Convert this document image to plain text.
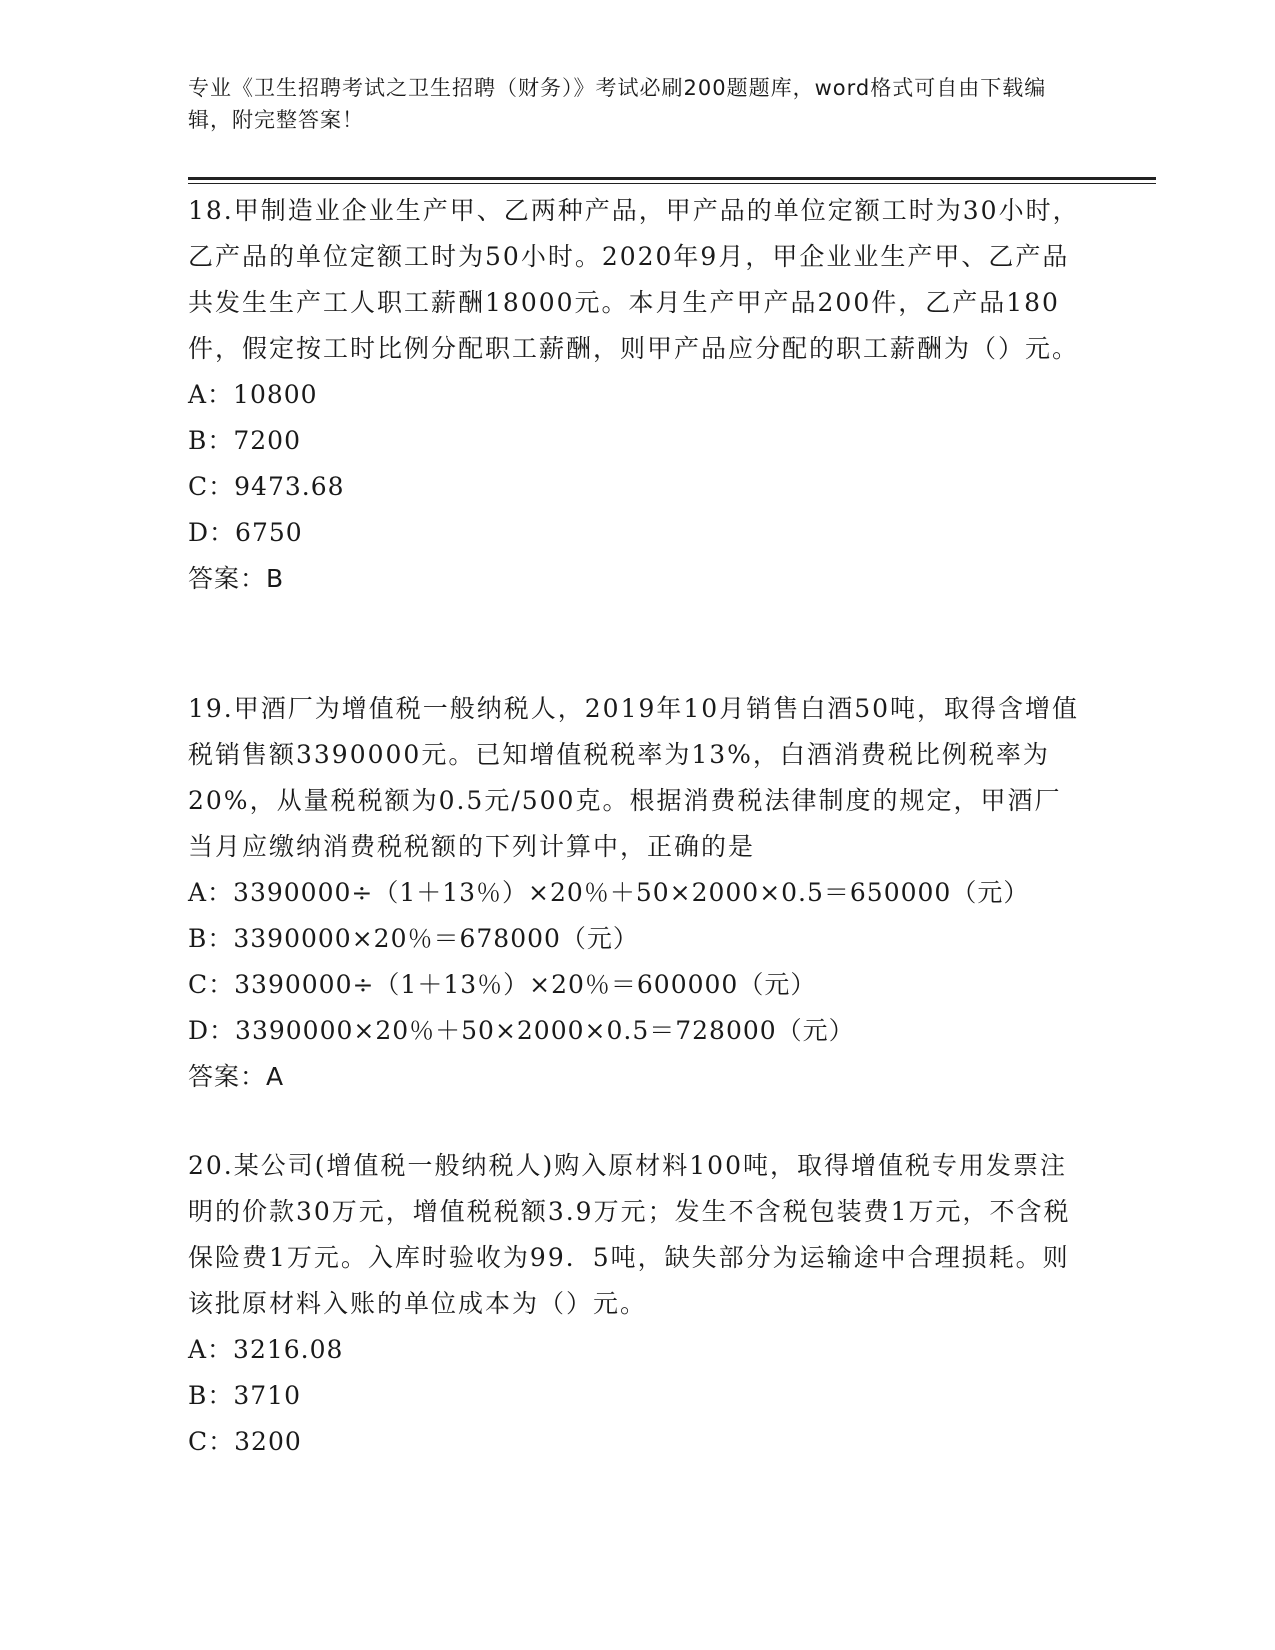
专业《卫生招聘考试之卫生招聘（财务）》考试必刷200题题库，word格式可自由下载编辑，附完整答案！

18.甲制造业企业生产甲、乙两种产品，甲产品的单位定额工时为30小时，乙产品的单位定额工时为50小时。2020年9月，甲企业业生产甲、乙产品共发生生产工人职工薪酬18000元。本月生产甲产品200件，乙产品180件，假定按工时比例分配职工薪酬，则甲产品应分配的职工薪酬为（）元。

A：10800

B：7200

C：9473.68

D：6750

答案：B

19.甲酒厂为增值税一般纳税人，2019年10月销售白酒50吨，取得含增值税销售额3390000元。已知增值税税率为13%，白酒消费税比例税率为20%，从量税税额为0.5元/500克。根据消费税法律制度的规定，甲酒厂当月应缴纳消费税税额的下列计算中，正确的是

A：3390000÷（1＋13％）×20％＋50×2000×0.5＝650000（元）

B：3390000×20％＝678000（元）

C：3390000÷（1＋13％）×20％＝600000（元）

D：3390000×20％＋50×2000×0.5＝728000（元）

答案：A

20.某公司(增值税一般纳税人)购入原材料100吨，取得增值税专用发票注明的价款30万元，增值税税额3.9万元；发生不含税包装费1万元，不含税保险费1万元。入库时验收为99．5吨，缺失部分为运输途中合理损耗。则该批原材料入账的单位成本为（）元。

A：3216.08

B：3710

C：3200
